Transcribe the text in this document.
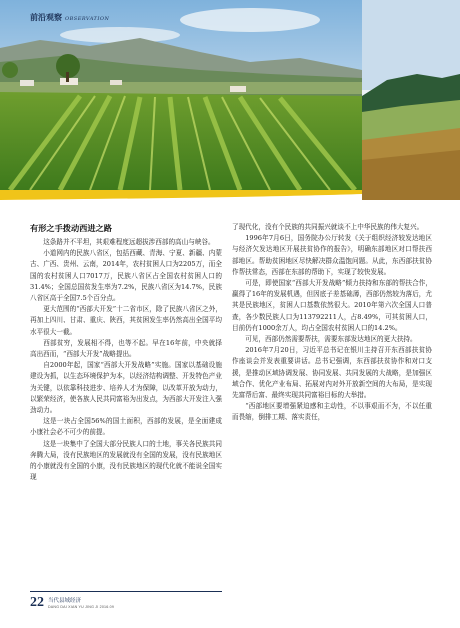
前沿观察 OBSERVATION
有形之手拨动西进之路

这条路并不平坦，其艰难程度远超拔涉西部的高山与峡谷。

小道网内的民族八省区，包括西藏、青海、宁夏、新疆、内蒙古、广西、贵州、云南，2014年，农村贫困人口为2205万，而全国的农村贫困人口7017万，民族八省区占全国农村贫困人口的31.4%；全国总国贫发生率为7.2%，民族八省区为14.7%，民族八省区高于全国7.5个百分点。

更大范围的“西部大开发”十二省市区，除了民族八省区之外，再加上四川、甘肃、重庆、陕西，其贫困发生率仍然高出全国平均水平很大一截。

西部贫穷，发展相不得，也等不起。早在16年前，中央就择高出西而，“西部大开发”战略提出。

自2000年起，国家“西部大开发战略”实施。国家以基础设施建设为抓，以生态环境保护为本，以经济结构调整、开发特色产业为关键，以依靠科技进步、培养人才为保障，以改革开放为动力，以繁荣经济，使各族人民共同富裕为出发点，为西部大开发注入强劲动力。

这是一块占全国56%的国土面积，西部的发展，是全面建成小康社会必不可少的前提。

这是一块集中了全国大部分民族人口的土地，事关各民族共同奔腾大局，没有民族地区的发展就没有全国的发展，没有民族地区的小康就没有全国的小康，没有民族地区的现代化就不能说全国实现

了现代化，没有个民族的共同振兴就谈不上中华民族的伟大复兴。

1996年7月6日，国务院办公厅转发《关于组织经济较发达地区与经济欠发达地区开展扶贫协作的报告》，明确东部地区对口帮扶西部地区。帮助贫困地区尽快解决群众温饱问题。从此，东西部扶贫协作帮扶常态，西部在东部的帮助下，实现了较快发展。

可是，即使国家“西部大开发战略”倾力扶持和东部的帮扶合作，赢得了16年的发展机遇，但因底子差基础薄，西部仍然较为落后，尤其是民族地区，贫困人口基数依然很大。2010年第六次全国人口普查，各少数民族人口为113792211人，占8.49%，可其贫困人口，目前仍有1000余万人，均占全国农村贫困人口的14.2%。

可见，西部仍然需要帮扶，需要东部发达地区的更大扶持。

2016年7月20日，习近平总书记在银川主持召开东西部扶贫协作座谈会并发表重要讲话。总书记强调，东西部扶贫协作和对口支援，是推动区域协调发展、协同发展、共同发展的大战略，是加强区域合作、优化产业布局、拓展对内对外开放新空间的大布局，是实现先富帮后富、最终实现共同富裕目标的大举措。

“西部地区要增强紧迫感和主动性，不以事艰而不为，不以任重而畏缩，倒排工期、落实责任，

22 当代县域经济
DANG DAI XIAN YU JING JI 2016.09
